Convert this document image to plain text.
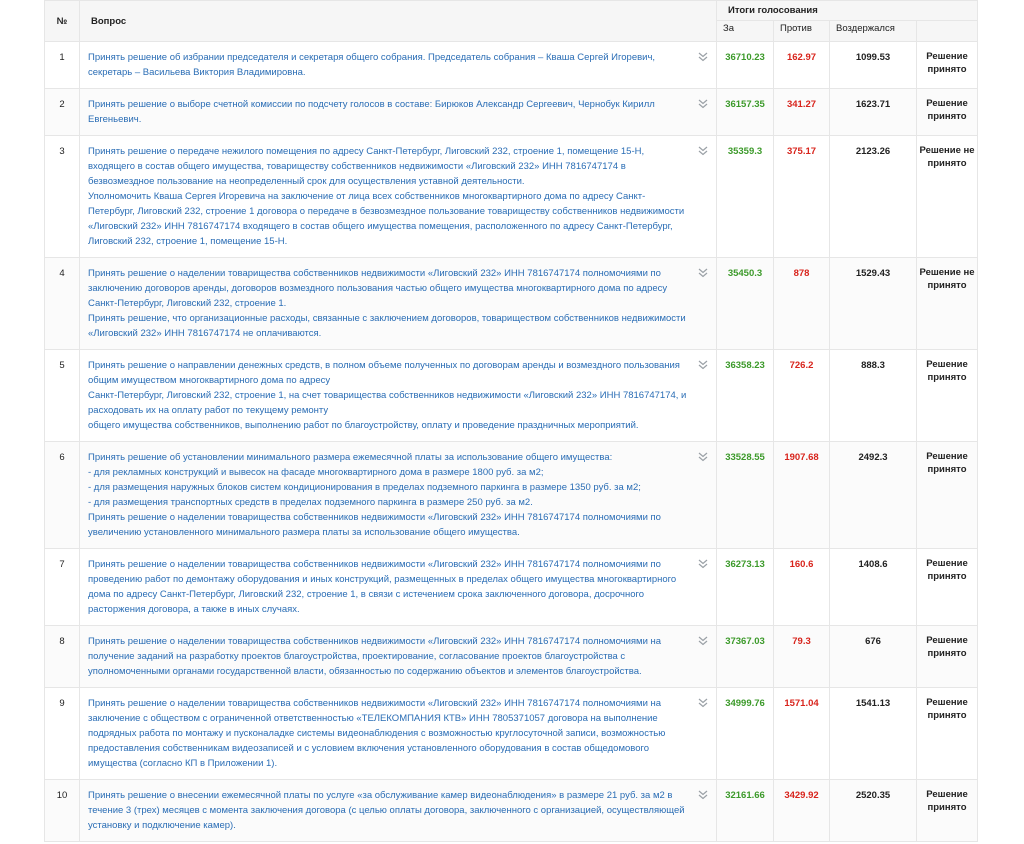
№	Вопрос	Итоги голосования			
		За	Против	Воздержался	
1	Принять решение об избрании председателя и секретаря общего собрания. Председатель собрания – Кваша Сергей Игоревич, секретарь – Васильева Виктория Владимировна.	36710.23	162.97	1099.53	Решение принято
2	Принять решение о выборе счетной комиссии по подсчету голосов в составе: Бирюков Александр Сергеевич, Чернобук Кирилл Евгеньевич.	36157.35	341.27	1623.71	Решение принято
3	Принять решение о передаче нежилого помещения по адресу Санкт-Петербург, Лиговский 232, строение 1, помещение 15-Н, входящего в состав общего имущества, товариществу собственников недвижимости «Лиговский 232» ИНН 7816747174 в безвозмездное пользование на неопределенный срок для осуществления уставной деятельности.
Уполномочить Кваша Сергея Игоревича на заключение от лица всех собственников многоквартирного дома по адресу Санкт-Петербург, Лиговский 232, строение 1 договора о передаче в безвозмездное пользование товариществу собственников недвижимости «Лиговский 232» ИНН 7816747174 входящего в состав общего имущества помещения, расположенного по адресу Санкт-Петербург, Лиговский 232, строение 1, помещение 15-Н.	35359.3	375.17	2123.26	Решение не принято
4	Принять решение о наделении товарищества собственников недвижимости «Лиговский 232» ИНН 7816747174 полномочиями по заключению договоров аренды, договоров возмездного пользования частью общего имущества многоквартирного дома по адресу Санкт-Петербург, Лиговский 232, строение 1.
Принять решение, что организационные расходы, связанные с заключением договоров, товариществом собственников недвижимости «Лиговский 232» ИНН 7816747174 не оплачиваются.	35450.3	878	1529.43	Решение не принято
5	Принять решение о направлении денежных средств, в полном объеме полученных по договорам аренды и возмездного пользования общим имуществом многоквартирного дома по адресу
Санкт-Петербург, Лиговский 232, строение 1, на счет товарищества собственников недвижимости «Лиговский 232» ИНН 7816747174, и расходовать их на оплату работ по текущему ремонту
общего имущества собственников, выполнению работ по благоустройству, оплату и проведение праздничных мероприятий.	36358.23	726.2	888.3	Решение принято
6	Принять решение об установлении минимального размера ежемесячной платы за использование общего имущества:
- для рекламных конструкций и вывесок на фасаде многоквартирного дома в размере 1800 руб. за м2;
- для размещения наружных блоков систем кондиционирования в пределах подземного паркинга в размере 1350 руб. за м2;
- для размещения транспортных средств в пределах подземного паркинга в размере 250 руб. за м2.
Принять решение о наделении товарищества собственников недвижимости «Лиговский 232» ИНН 7816747174 полномочиями по увеличению установленного минимального размера платы за использование общего имущества.	33528.55	1907.68	2492.3	Решение принято
7	Принять решение о наделении товарищества собственников недвижимости «Лиговский 232» ИНН 7816747174 полномочиями по проведению работ по демонтажу оборудования и иных конструкций, размещенных в пределах общего имущества многоквартирного дома по адресу Санкт-Петербург, Лиговский 232, строение 1, в связи с истечением срока заключенного договора, досрочного расторжения договора, а также в иных случаях.	36273.13	160.6	1408.6	Решение принято
8	Принять решение о наделении товарищества собственников недвижимости «Лиговский 232» ИНН 7816747174 полномочиями на получение заданий на разработку проектов благоустройства, проектирование, согласование проектов благоустройства с уполномоченными органами государственной власти, обязанностью по содержанию объектов и элементов благоустройства.	37367.03	79.3	676	Решение принято
9	Принять решение о наделении товарищества собственников недвижимости «Лиговский 232» ИНН 7816747174 полномочиями на заключение с обществом с ограниченной ответственностью «ТЕЛЕКОМПАНИЯ КТВ» ИНН 7805371057 договора на выполнение подрядных работа по монтажу и пусконаладке системы видеонаблюдения с возможностью круглосуточной записи, возможностью предоставления собственникам видеозаписей и с условием включения установленного оборудования в состав общедомового имущества (согласно КП в Приложении 1).	34999.76	1571.04	1541.13	Решение принято
10	Принять решение о внесении ежемесячной платы по услуге «за обслуживание камер видеонаблюдения» в размере 21 руб. за м2 в течение 3 (трех) месяцев с момента заключения договора (с целью оплаты договора, заключенного с организацией, осуществляющей установку и подключение камер).	32161.66	3429.92	2520.35	Решение принято
